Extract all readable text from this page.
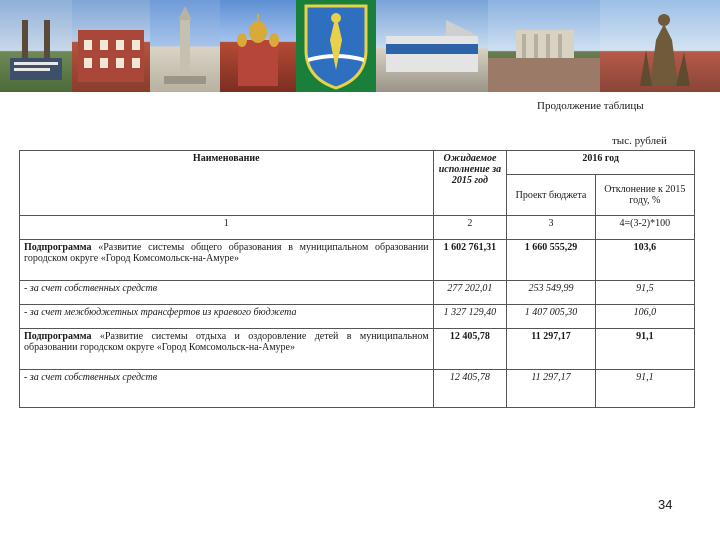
Продолжение таблицы
тыс. рублей
Наименование	Ожидаемое исполнение за 2015 год	2016 год	
		Проект бюджета	Отклонение к 2015 году, %
1	2	3	4=(3-2)*100
Подпрограмма «Развитие системы общего образования в муниципальном образовании городском округе «Город Комсомольск-на-Амуре»	1 602 761,31	1 660 555,29	103,6
- за счет собственных средств	277 202,01	253 549,99	91,5
- за счет межбюджетных трансфертов из краевого бюджета	1 327 129,40	1 407 005,30	106,0
Подпрограмма «Развитие системы отдыха и оздоровление детей в муниципальном образовании городском округе «Город Комсомольск-на-Амуре»	12 405,78	11 297,17	91,1
- за счет собственных средств	12 405,78	11 297,17	91,1
34
